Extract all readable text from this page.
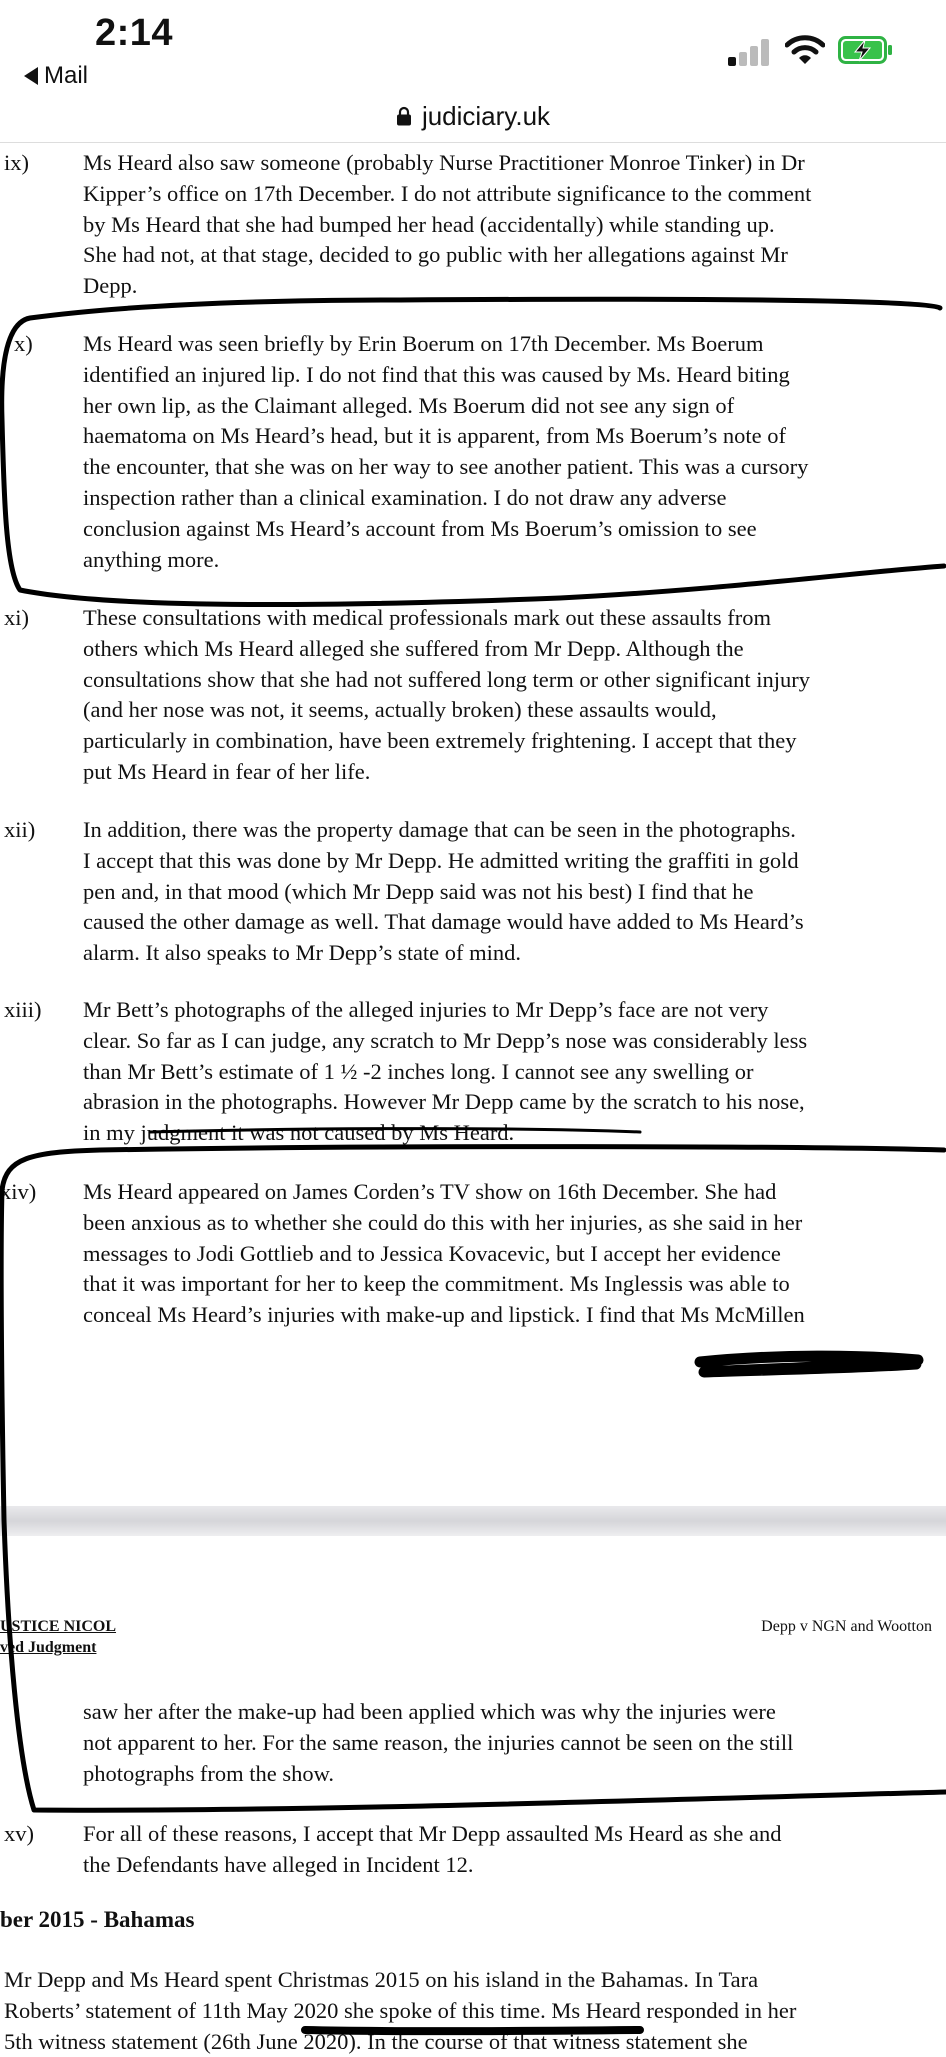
2:14
Mail
judiciary.uk
ix) Ms Heard also saw someone (probably Nurse Practitioner Monroe Tinker) in Dr
Kipper’s office on 17th December. I do not attribute significance to the comment
by Ms Heard that she had bumped her head (accidentally) while standing up.
She had not, at that stage, decided to go public with her allegations against Mr
Depp.
x) Ms Heard was seen briefly by Erin Boerum on 17th December. Ms Boerum
identified an injured lip. I do not find that this was caused by Ms. Heard biting
her own lip, as the Claimant alleged. Ms Boerum did not see any sign of
haematoma on Ms Heard’s head, but it is apparent, from Ms Boerum’s note of
the encounter, that she was on her way to see another patient. This was a cursory
inspection rather than a clinical examination. I do not draw any adverse
conclusion against Ms Heard’s account from Ms Boerum’s omission to see
anything more.
xi) These consultations with medical professionals mark out these assaults from
others which Ms Heard alleged she suffered from Mr Depp. Although the
consultations show that she had not suffered long term or other significant injury
(and her nose was not, it seems, actually broken) these assaults would,
particularly in combination, have been extremely frightening. I accept that they
put Ms Heard in fear of her life.
xii) In addition, there was the property damage that can be seen in the photographs.
I accept that this was done by Mr Depp. He admitted writing the graffiti in gold
pen and, in that mood (which Mr Depp said was not his best) I find that he
caused the other damage as well. That damage would have added to Ms Heard’s
alarm. It also speaks to Mr Depp’s state of mind.
xiii) Mr Bett’s photographs of the alleged injuries to Mr Depp’s face are not very
clear. So far as I can judge, any scratch to Mr Depp’s nose was considerably less
than Mr Bett’s estimate of 1 ½ -2 inches long. I cannot see any swelling or
abrasion in the photographs. However Mr Depp came by the scratch to his nose,
in my judgment it was not caused by Ms Heard.
xiv) Ms Heard appeared on James Corden’s TV show on 16th December. She had
been anxious as to whether she could do this with her injuries, as she said in her
messages to Jodi Gottlieb and to Jessica Kovacevic, but I accept her evidence
that it was important for her to keep the commitment. Ms Inglessis was able to
conceal Ms Heard’s injuries with make-up and lipstick. I find that Ms McMillen
USTICE NICOL
ved Judgment
Depp v NGN and Wootton
saw her after the make-up had been applied which was why the injuries were
not apparent to her. For the same reason, the injuries cannot be seen on the still
photographs from the show.
xv) For all of these reasons, I accept that Mr Depp assaulted Ms Heard as she and
the Defendants have alleged in Incident 12.
ber 2015 - Bahamas
Mr Depp and Ms Heard spent Christmas 2015 on his island in the Bahamas. In Tara
Roberts’ statement of 11th May 2020 she spoke of this time. Ms Heard responded in her
5th witness statement (26th June 2020). In the course of that witness statement she
